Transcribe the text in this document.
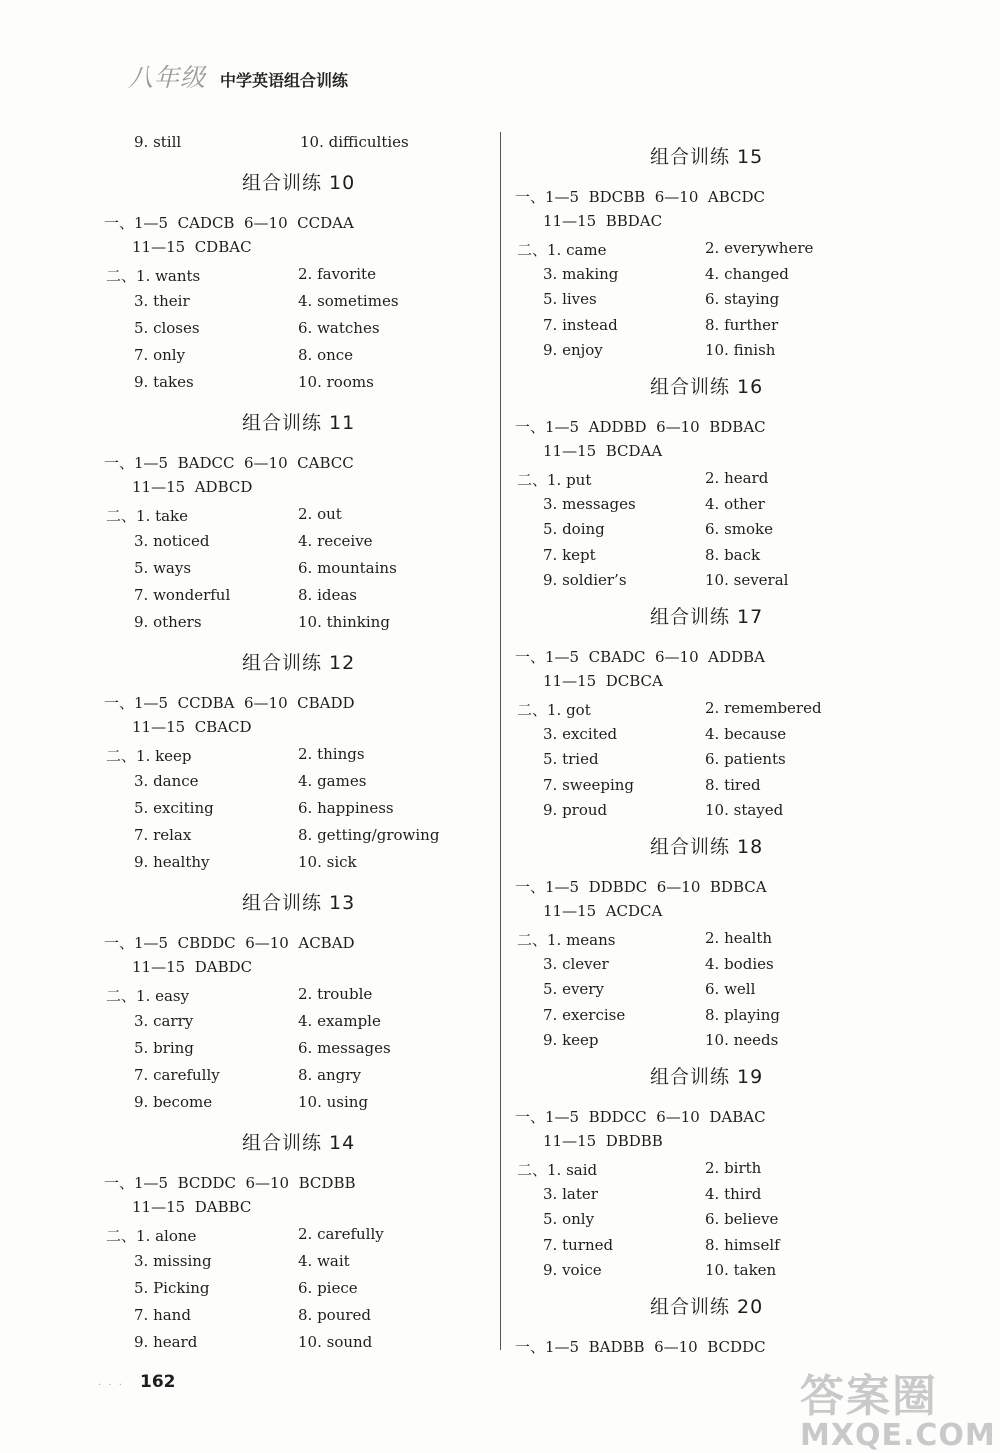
八年级 中学英语组合训练
9. still	10. difficulties
组合训练 10
一、1—5  CADCB  6—10  CCDAA
11—15  CDBAC
二、1. wants	2. favorite
3. their	4. sometimes
5. closes	6. watches
7. only	8. once
9. takes	10. rooms
组合训练 11
一、1—5  BADCC  6—10  CABCC
11—15  ADBCD
二、1. take	2. out
3. noticed	4. receive
5. ways	6. mountains
7. wonderful	8. ideas
9. others	10. thinking
组合训练 12
一、1—5  CCDBA  6—10  CBADD
11—15  CBACD
二、1. keep	2. things
3. dance	4. games
5. exciting	6. happiness
7. relax	8. getting/growing
9. healthy	10. sick
组合训练 13
一、1—5  CBDDC  6—10  ACBAD
11—15  DABDC
二、1. easy	2. trouble
3. carry	4. example
5. bring	6. messages
7. carefully	8. angry
9. become	10. using
组合训练 14
一、1—5  BCDDC  6—10  BCDBB
11—15  DABBC
二、1. alone	2. carefully
3. missing	4. wait
5. Picking	6. piece
7. hand	8. poured
9. heard	10. sound
组合训练 15
一、1—5  BDCBB  6—10  ABCDC
11—15  BBDAC
二、1. came	2. everywhere
3. making	4. changed
5. lives	6. staying
7. instead	8. further
9. enjoy	10. finish
组合训练 16
一、1—5  ADDBD  6—10  BDBAC
11—15  BCDAA
二、1. put	2. heard
3. messages	4. other
5. doing	6. smoke
7. kept	8. back
9. soldier’s	10. several
组合训练 17
一、1—5  CBADC  6—10  ADDBA
11—15  DCBCA
二、1. got	2. remembered
3. excited	4. because
5. tried	6. patients
7. sweeping	8. tired
9. proud	10. stayed
组合训练 18
一、1—5  DDBDC  6—10  BDBCA
11—15  ACDCA
二、1. means	2. health
3. clever	4. bodies
5. every	6. well
7. exercise	8. playing
9. keep	10. needs
组合训练 19
一、1—5  BDDCC  6—10  DABAC
11—15  DBDBB
二、1. said	2. birth
3. later	4. third
5. only	6. believe
7. turned	8. himself
9. voice	10. taken
组合训练 20
一、1—5  BADBB  6—10  BCDDC
· · · 162	答案圈
MXQE.COM
